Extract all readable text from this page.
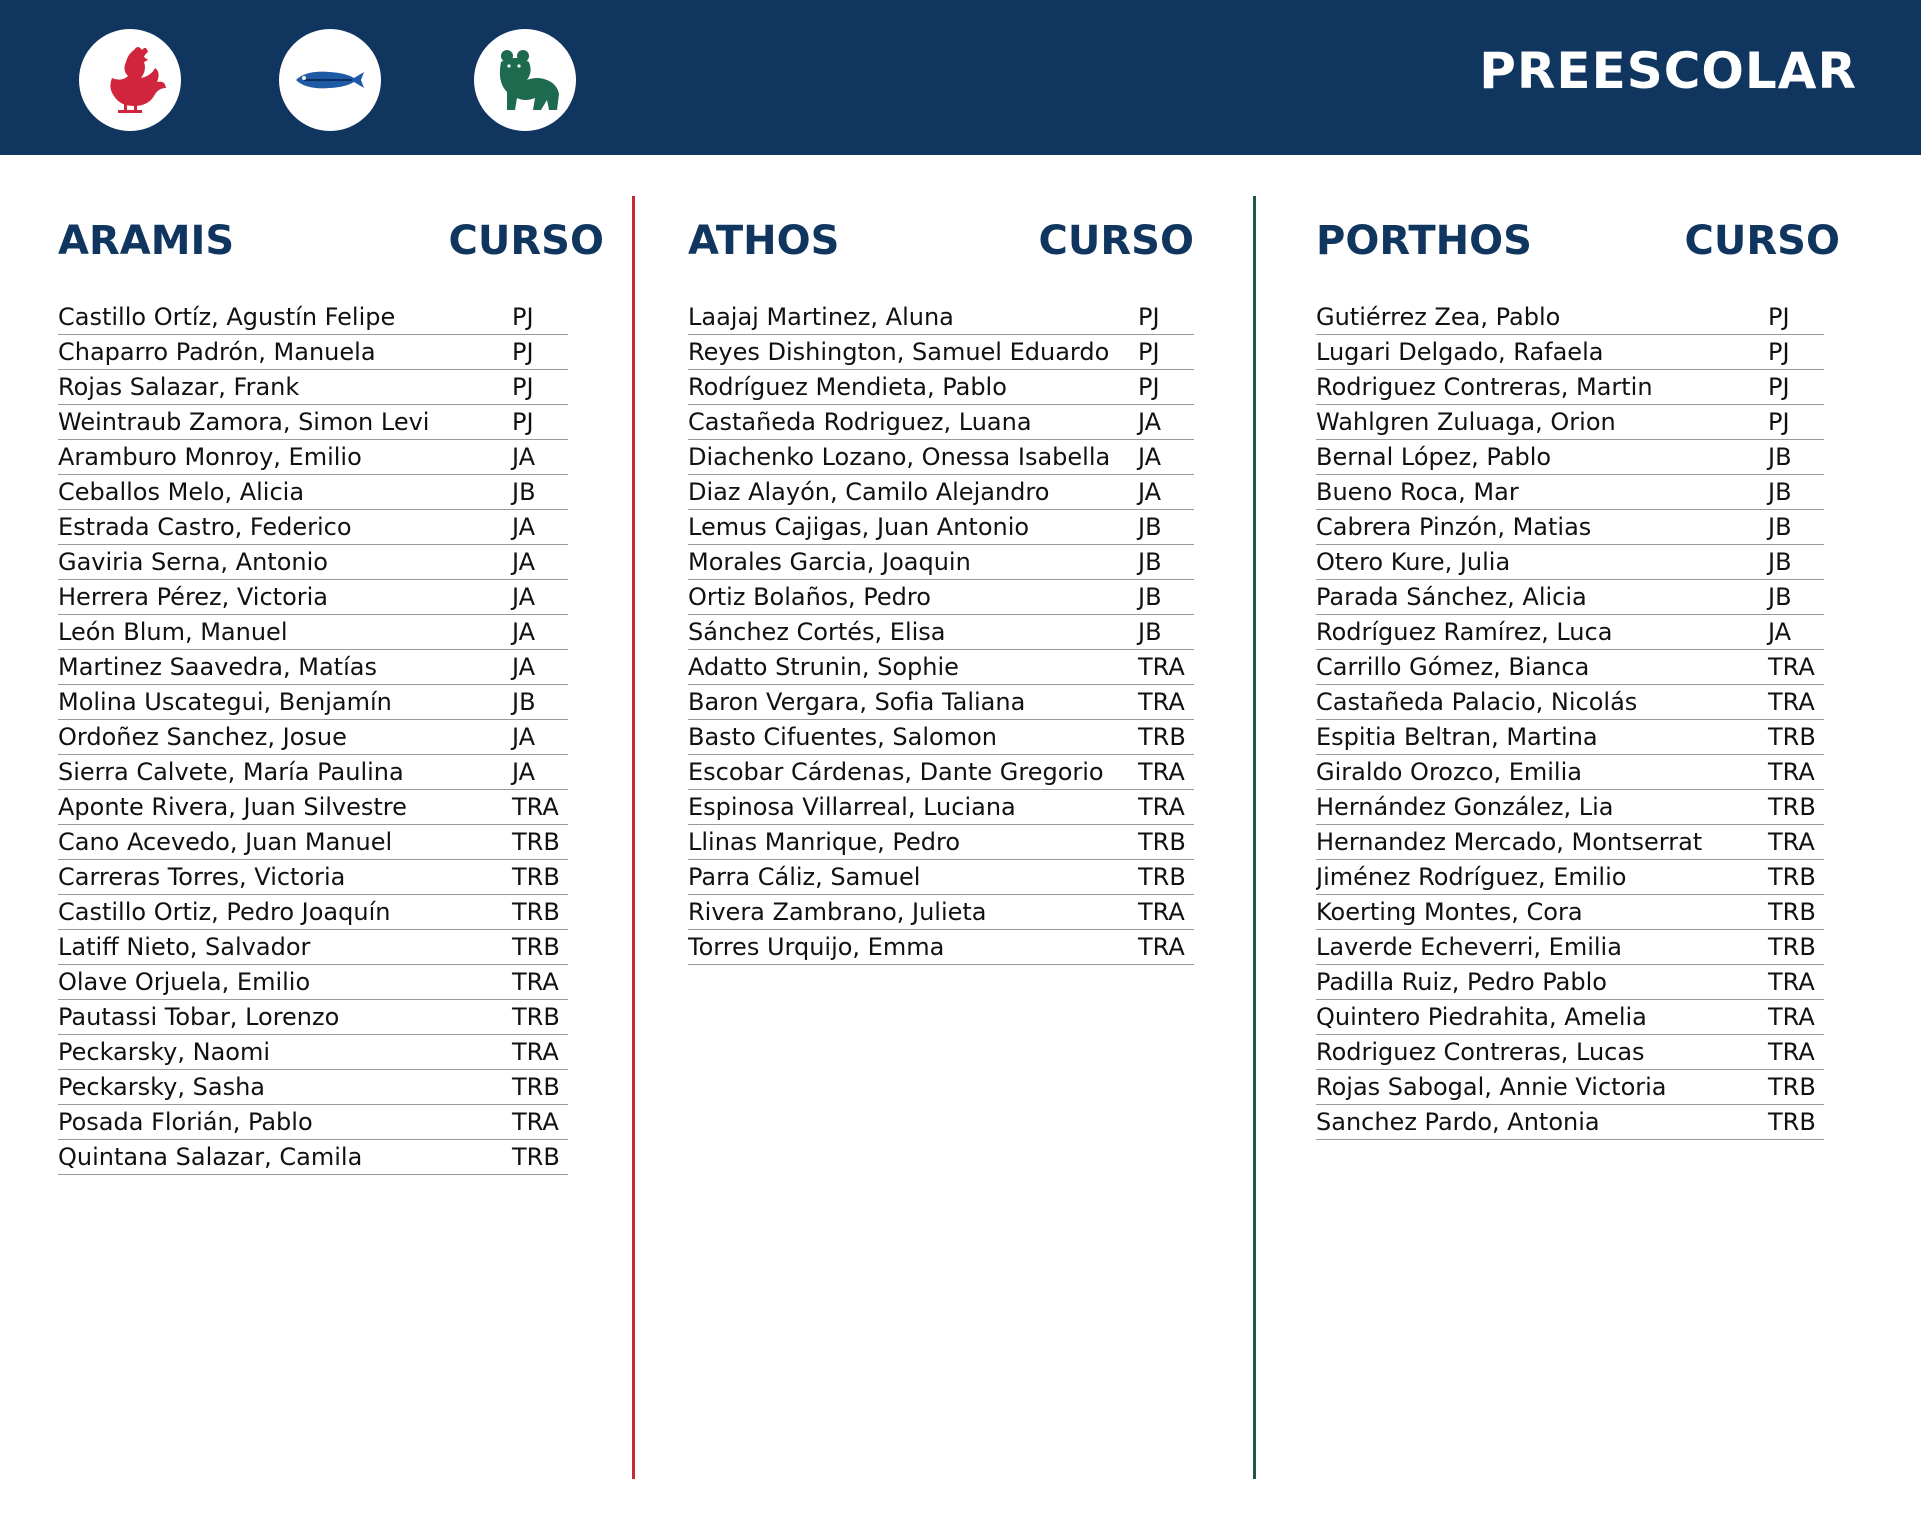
PREESCOLAR
ARAMIS	CURSO
Castillo Ortíz, Agustín Felipe	PJ
Chaparro Padrón, Manuela	PJ
Rojas Salazar, Frank	PJ
Weintraub Zamora, Simon Levi	PJ
Aramburo Monroy, Emilio	JA
Ceballos Melo, Alicia	JB
Estrada Castro, Federico	JA
Gaviria Serna, Antonio	JA
Herrera Pérez, Victoria	JA
León Blum, Manuel	JA
Martinez Saavedra, Matías	JA
Molina Uscategui, Benjamín	JB
Ordoñez Sanchez, Josue	JA
Sierra Calvete, María Paulina	JA
Aponte Rivera, Juan Silvestre	TRA
Cano Acevedo, Juan Manuel	TRB
Carreras Torres, Victoria	TRB
Castillo Ortiz, Pedro Joaquín	TRB
Latiff Nieto, Salvador	TRB
Olave Orjuela, Emilio	TRA
Pautassi Tobar, Lorenzo	TRB
Peckarsky, Naomi	TRA
Peckarsky, Sasha	TRB
Posada Florián, Pablo	TRA
Quintana Salazar, Camila	TRB
ATHOS	CURSO
Laajaj Martinez, Aluna	PJ
Reyes Dishington, Samuel Eduardo	PJ
Rodríguez Mendieta, Pablo	PJ
Castañeda Rodriguez, Luana	JA
Diachenko Lozano, Onessa Isabella	JA
Diaz Alayón, Camilo Alejandro	JA
Lemus Cajigas, Juan Antonio	JB
Morales Garcia, Joaquin	JB
Ortiz Bolaños, Pedro	JB
Sánchez Cortés, Elisa	JB
Adatto Strunin, Sophie	TRA
Baron Vergara, Sofia Taliana	TRA
Basto Cifuentes, Salomon	TRB
Escobar Cárdenas, Dante Gregorio	TRA
Espinosa Villarreal, Luciana	TRA
Llinas Manrique, Pedro	TRB
Parra Cáliz, Samuel	TRB
Rivera Zambrano, Julieta	TRA
Torres Urquijo, Emma	TRA
PORTHOS	CURSO
Gutiérrez Zea, Pablo	PJ
Lugari Delgado, Rafaela	PJ
Rodriguez Contreras, Martin	PJ
Wahlgren Zuluaga, Orion	PJ
Bernal López, Pablo	JB
Bueno Roca, Mar	JB
Cabrera Pinzón, Matias	JB
Otero Kure, Julia	JB
Parada Sánchez, Alicia	JB
Rodríguez Ramírez, Luca	JA
Carrillo Gómez, Bianca	TRA
Castañeda Palacio, Nicolás	TRA
Espitia Beltran, Martina	TRB
Giraldo Orozco, Emilia	TRA
Hernández González, Lia	TRB
Hernandez Mercado, Montserrat	TRA
Jiménez Rodríguez, Emilio	TRB
Koerting Montes, Cora	TRB
Laverde Echeverri, Emilia	TRB
Padilla Ruiz, Pedro Pablo	TRA
Quintero Piedrahita, Amelia	TRA
Rodriguez Contreras, Lucas	TRA
Rojas Sabogal, Annie Victoria	TRB
Sanchez Pardo, Antonia	TRB
